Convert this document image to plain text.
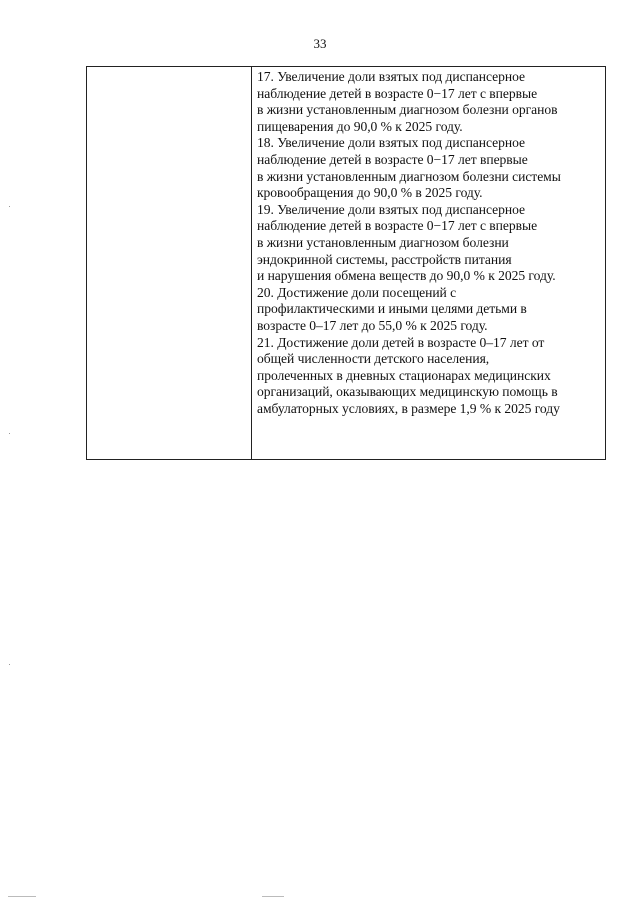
33
17. Увеличение доли взятых под диспансерное
наблюдение детей в возрасте 0−17 лет с впервые
в жизни установленным диагнозом болезни органов
пищеварения до 90,0 % к 2025 году.
18. Увеличение доли взятых под диспансерное
наблюдение детей в возрасте 0−17 лет впервые
в жизни установленным диагнозом болезни системы
кровообращения до 90,0 % в 2025 году.
19. Увеличение доли взятых под диспансерное
наблюдение детей в возрасте 0−17 лет с впервые
в жизни установленным диагнозом болезни
эндокринной системы, расстройств питания
и нарушения обмена веществ до 90,0 % к 2025 году.
20. Достижение доли посещений с
профилактическими и иными целями детьми в
возрасте 0–17 лет до 55,0 % к 2025 году.
21. Достижение доли детей в возрасте 0–17 лет от
общей численности детского населения,
пролеченных в дневных стационарах медицинских
организаций, оказывающих медицинскую помощь в
амбулаторных условиях, в размере 1,9 % к 2025 году
